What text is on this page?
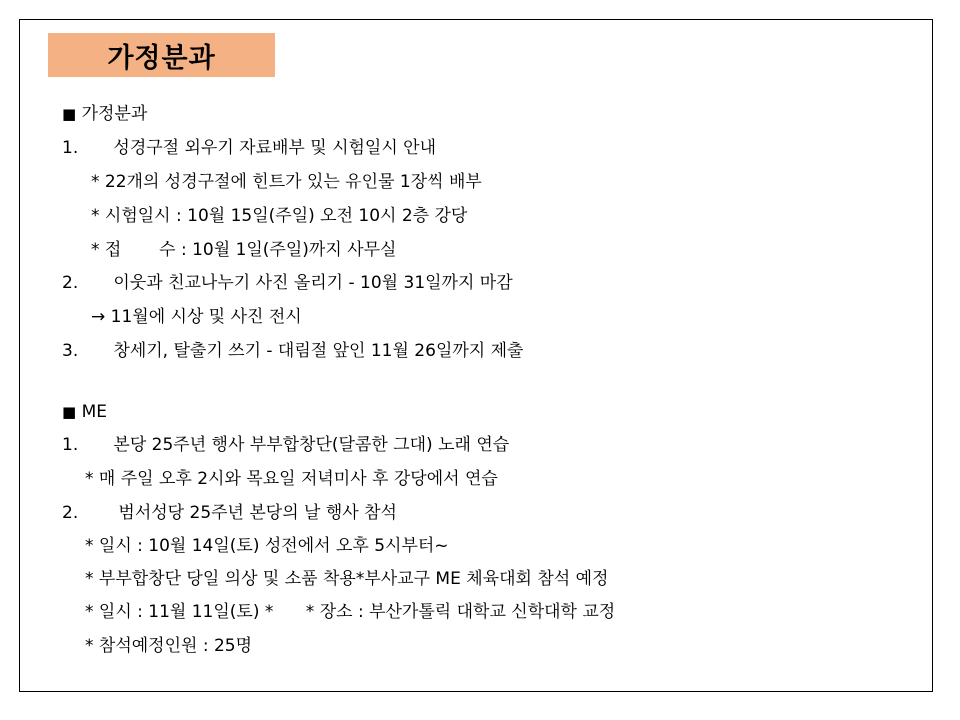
가정분과
■ 가정분과
1. 성경구절 외우기 자료배부 및 시험일시 안내
* 22개의 성경구절에 힌트가 있는 유인물 1장씩 배부
* 시험일시 : 10월 15일(주일) 오전 10시 2층 강당
* 접       수 : 10월 1일(주일)까지 사무실
2. 이웃과 친교나누기 사진 올리기 - 10월 31일까지 마감
→ 11월에 시상 및 사진 전시
3. 창세기, 탈출기 쓰기 - 대림절 앞인 11월 26일까지 제출
■ ME
1. 본당 25주년 행사 부부합창단(달콤한 그대) 노래 연습
* 매 주일 오후 2시와 목요일 저녁미사 후 강당에서 연습
2. 범서성당 25주년 본당의 날 행사 참석
* 일시 : 10월 14일(토) 성전에서 오후 5시부터~
* 부부합창단 당일 의상 및 소품 착용*부사교구 ME 체육대회 참석 예정
* 일시 : 11월 11일(토) *      * 장소 : 부산가톨릭 대학교 신학대학 교정
* 참석예정인원 : 25명
